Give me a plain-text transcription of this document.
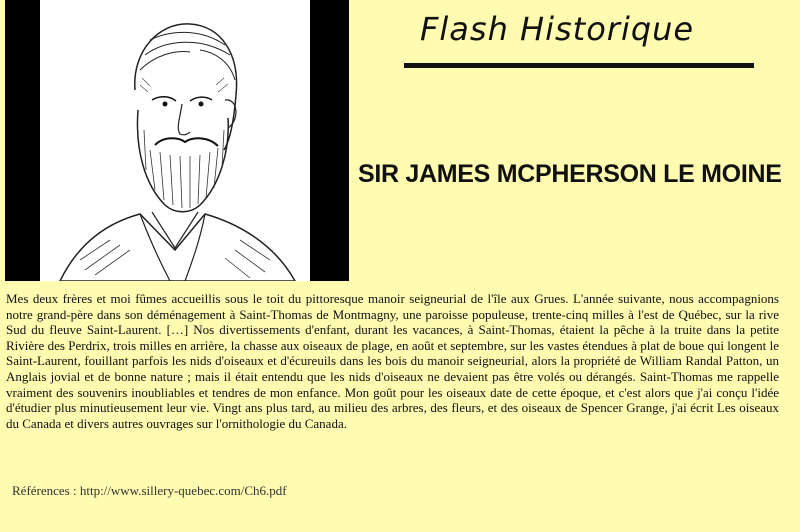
Flash Historique
SIR JAMES MCPHERSON LE MOINE

Mes deux frères et moi fûmes accueillis sous le toit du pittoresque manoir seigneurial de l'île aux Grues. L'année suivante, nous accompagnions notre grand-père dans son déménagement à Saint-Thomas de Montmagny, une paroisse populeuse, trente-cinq milles à l'est de Québec, sur la rive Sud du fleuve Saint-Laurent. […] Nos divertissements d'enfant, durant les vacances, à Saint-Thomas, étaient la pêche à la truite dans la petite Rivière des Perdrix, trois milles en arrière, la chasse aux oiseaux de plage, en août et septembre, sur les vastes étendues à plat de boue qui longent le Saint-Laurent, fouillant parfois les nids d'oiseaux et d'écureuils dans les bois du manoir seigneurial, alors la propriété de William Randal Patton, un Anglais jovial et de bonne nature ; mais il était entendu que les nids d'oiseaux ne devaient pas être volés ou dérangés. Saint-Thomas me rappelle vraiment des souvenirs inoubliables et tendres de mon enfance. Mon goût pour les oiseaux date de cette époque, et c'est alors que j'ai conçu l'idée d'étudier plus minutieusement leur vie. Vingt ans plus tard, au milieu des arbres, des fleurs, et des oiseaux de Spencer Grange, j'ai écrit Les oiseaux du Canada et divers autres ouvrages sur l'ornithologie du Canada.

Références : http://www.sillery-quebec.com/Ch6.pdf
